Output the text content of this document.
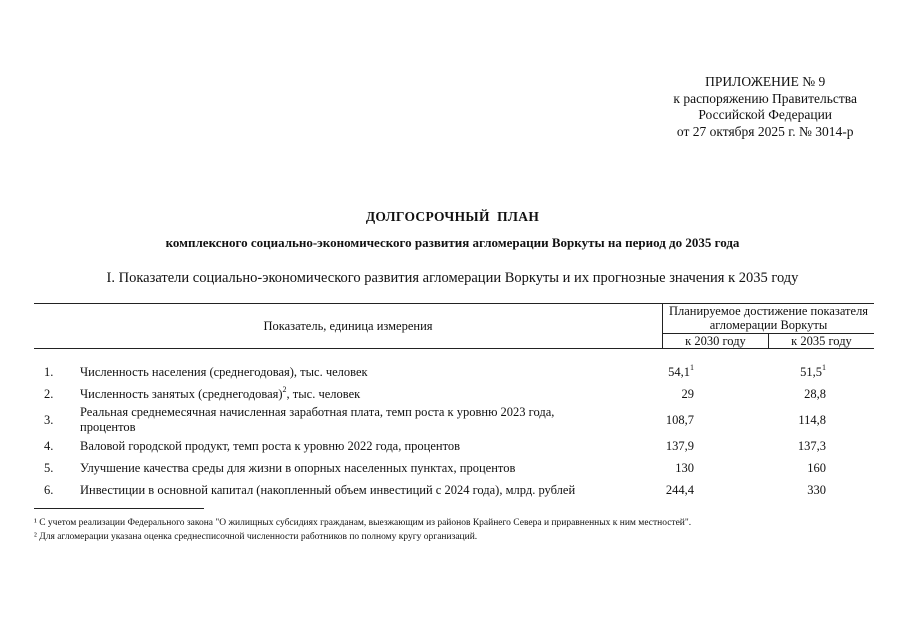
ПРИЛОЖЕНИЕ № 9
к распоряжению Правительства
Российской Федерации
от 27 октября 2025 г. № 3014-р
ДОЛГОСРОЧНЫЙ  ПЛАН
комплексного социально-экономического развития агломерации Воркуты на период до 2035 года
I. Показатели социально-экономического развития агломерации Воркуты и их прогнозные значения к 2035 году
Показатель, единица измерения	Планируемое достижение показателя агломерации Воркуты	
	к 2030 году	к 2035 году

1.	Численность населения (среднегодовая), тыс. человек	54,1$^1$	51,5$^1$
2.	Численность занятых (среднегодовая)$^2$, тыс. человек	29	28,8
3.	Реальная среднемесячная начисленная заработная плата, темп роста к уровню 2023 года, процентов	108,7	114,8
4.	Валовой городской продукт, темп роста к уровню 2022 года, процентов	137,9	137,3
5.	Улучшение качества среды для жизни в опорных населенных пунктах, процентов	130	160
6.	Инвестиции в основной капитал (накопленный объем инвестиций с 2024 года), млрд. рублей	244,4	330
¹ С учетом реализации Федерального закона "О жилищных субсидиях гражданам, выезжающим из районов Крайнего Севера и приравненных к ним местностей".
² Для агломерации указана оценка среднесписочной численности работников по полному кругу организаций.
